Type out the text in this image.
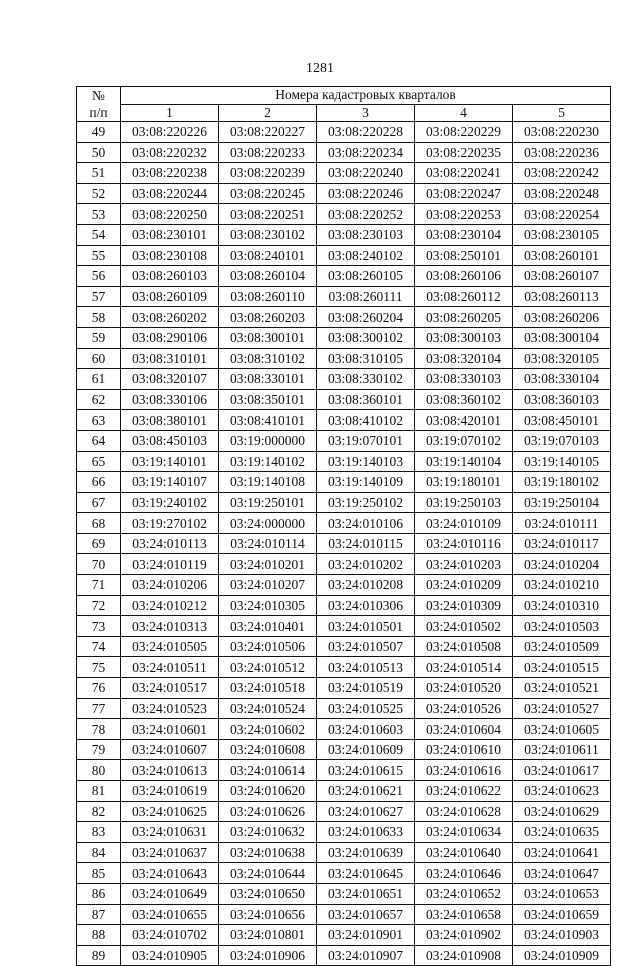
1281
№
п/п	Номера кадастровых кварталов				
	1	2	3	4	5
49	03:08:220226	03:08:220227	03:08:220228	03:08:220229	03:08:220230
50	03:08:220232	03:08:220233	03:08:220234	03:08:220235	03:08:220236
51	03:08:220238	03:08:220239	03:08:220240	03:08:220241	03:08:220242
52	03:08:220244	03:08:220245	03:08:220246	03:08:220247	03:08:220248
53	03:08:220250	03:08:220251	03:08:220252	03:08:220253	03:08:220254
54	03:08:230101	03:08:230102	03:08:230103	03:08:230104	03:08:230105
55	03:08:230108	03:08:240101	03:08:240102	03:08:250101	03:08:260101
56	03:08:260103	03:08:260104	03:08:260105	03:08:260106	03:08:260107
57	03:08:260109	03:08:260110	03:08:260111	03:08:260112	03:08:260113
58	03:08:260202	03:08:260203	03:08:260204	03:08:260205	03:08:260206
59	03:08:290106	03:08:300101	03:08:300102	03:08:300103	03:08:300104
60	03:08:310101	03:08:310102	03:08:310105	03:08:320104	03:08:320105
61	03:08:320107	03:08:330101	03:08:330102	03:08:330103	03:08:330104
62	03:08:330106	03:08:350101	03:08:360101	03:08:360102	03:08:360103
63	03:08:380101	03:08:410101	03:08:410102	03:08:420101	03:08:450101
64	03:08:450103	03:19:000000	03:19:070101	03:19:070102	03:19:070103
65	03:19:140101	03:19:140102	03:19:140103	03:19:140104	03:19:140105
66	03:19:140107	03:19:140108	03:19:140109	03:19:180101	03:19:180102
67	03:19:240102	03:19:250101	03:19:250102	03:19:250103	03:19:250104
68	03:19:270102	03:24:000000	03:24:010106	03:24:010109	03:24:010111
69	03:24:010113	03:24:010114	03:24:010115	03:24:010116	03:24:010117
70	03:24:010119	03:24:010201	03:24:010202	03:24:010203	03:24:010204
71	03:24:010206	03:24:010207	03:24:010208	03:24:010209	03:24:010210
72	03:24:010212	03:24:010305	03:24:010306	03:24:010309	03:24:010310
73	03:24:010313	03:24:010401	03:24:010501	03:24:010502	03:24:010503
74	03:24:010505	03:24:010506	03:24:010507	03:24:010508	03:24:010509
75	03:24:010511	03:24:010512	03:24:010513	03:24:010514	03:24:010515
76	03:24:010517	03:24:010518	03:24:010519	03:24:010520	03:24:010521
77	03:24:010523	03:24:010524	03:24:010525	03:24:010526	03:24:010527
78	03:24:010601	03:24:010602	03:24:010603	03:24:010604	03:24:010605
79	03:24:010607	03:24:010608	03:24:010609	03:24:010610	03:24:010611
80	03:24:010613	03:24:010614	03:24:010615	03:24:010616	03:24:010617
81	03:24:010619	03:24:010620	03:24:010621	03:24:010622	03:24:010623
82	03:24:010625	03:24:010626	03:24:010627	03:24:010628	03:24:010629
83	03:24:010631	03:24:010632	03:24:010633	03:24:010634	03:24:010635
84	03:24:010637	03:24:010638	03:24:010639	03:24:010640	03:24:010641
85	03:24:010643	03:24:010644	03:24:010645	03:24:010646	03:24:010647
86	03:24:010649	03:24:010650	03:24:010651	03:24:010652	03:24:010653
87	03:24:010655	03:24:010656	03:24:010657	03:24:010658	03:24:010659
88	03:24:010702	03:24:010801	03:24:010901	03:24:010902	03:24:010903
89	03:24:010905	03:24:010906	03:24:010907	03:24:010908	03:24:010909
